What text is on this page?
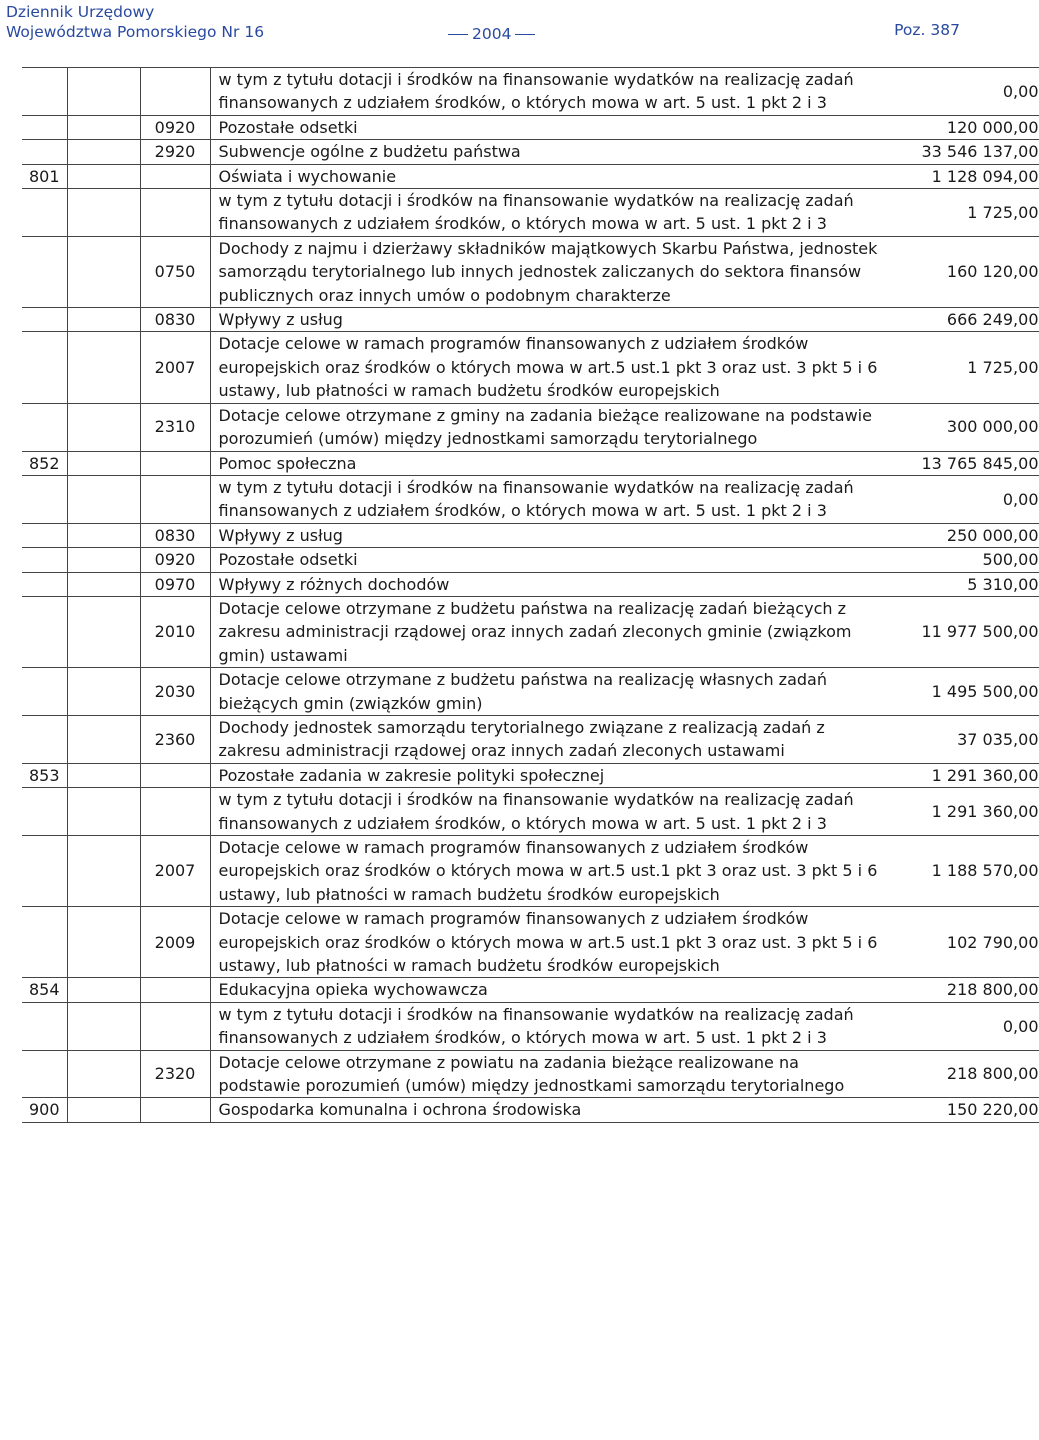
Dziennik Urzędowy
Województwa Pomorskiego Nr 16	2004	Poz. 387
			w tym z tytułu dotacji i środków na finansowanie wydatków na realizację zadań finansowanych z udziałem środków, o których mowa w art. 5 ust. 1 pkt 2 i 3	0,00
		0920	Pozostałe odsetki	120 000,00
		2920	Subwencje ogólne z budżetu państwa	33 546 137,00
801			Oświata i wychowanie	1 128 094,00
			w tym z tytułu dotacji i środków na finansowanie wydatków na realizację zadań finansowanych z udziałem środków, o których mowa w art. 5 ust. 1 pkt 2 i 3	1 725,00
		0750	Dochody z najmu i dzierżawy składników majątkowych Skarbu Państwa, jednostek samorządu terytorialnego lub innych jednostek zaliczanych do sektora finansów publicznych oraz innych umów o podobnym charakterze	160 120,00
		0830	Wpływy z usług	666 249,00
		2007	Dotacje celowe w ramach programów finansowanych z udziałem środków europejskich oraz środków o których mowa w art.5 ust.1 pkt 3 oraz ust. 3 pkt 5 i 6 ustawy, lub płatności w ramach budżetu środków europejskich	1 725,00
		2310	Dotacje celowe otrzymane z gminy na zadania bieżące realizowane na podstawie porozumień (umów) między jednostkami samorządu terytorialnego	300 000,00
852			Pomoc społeczna	13 765 845,00
			w tym z tytułu dotacji i środków na finansowanie wydatków na realizację zadań finansowanych z udziałem środków, o których mowa w art. 5 ust. 1 pkt 2 i 3	0,00
		0830	Wpływy z usług	250 000,00
		0920	Pozostałe odsetki	500,00
		0970	Wpływy z różnych dochodów	5 310,00
		2010	Dotacje celowe otrzymane z budżetu państwa na realizację zadań bieżących z zakresu administracji rządowej oraz innych zadań zleconych gminie (związkom gmin) ustawami	11 977 500,00
		2030	Dotacje celowe otrzymane z budżetu państwa na realizację własnych zadań bieżących gmin (związków gmin)	1 495 500,00
		2360	Dochody jednostek samorządu terytorialnego związane z realizacją zadań z zakresu administracji rządowej oraz innych zadań zleconych ustawami	37 035,00
853			Pozostałe zadania w zakresie polityki społecznej	1 291 360,00
			w tym z tytułu dotacji i środków na finansowanie wydatków na realizację zadań finansowanych z udziałem środków, o których mowa w art. 5 ust. 1 pkt 2 i 3	1 291 360,00
		2007	Dotacje celowe w ramach programów finansowanych z udziałem środków europejskich oraz środków o których mowa w art.5 ust.1 pkt 3 oraz ust. 3 pkt 5 i 6 ustawy, lub płatności w ramach budżetu środków europejskich	1 188 570,00
		2009	Dotacje celowe w ramach programów finansowanych z udziałem środków europejskich oraz środków o których mowa w art.5 ust.1 pkt 3 oraz ust. 3 pkt 5 i 6 ustawy, lub płatności w ramach budżetu środków europejskich	102 790,00
854			Edukacyjna opieka wychowawcza	218 800,00
			w tym z tytułu dotacji i środków na finansowanie wydatków na realizację zadań finansowanych z udziałem środków, o których mowa w art. 5 ust. 1 pkt 2 i 3	0,00
		2320	Dotacje celowe otrzymane z powiatu na zadania bieżące realizowane na podstawie porozumień (umów) między jednostkami samorządu terytorialnego	218 800,00
900			Gospodarka komunalna i ochrona środowiska	150 220,00
